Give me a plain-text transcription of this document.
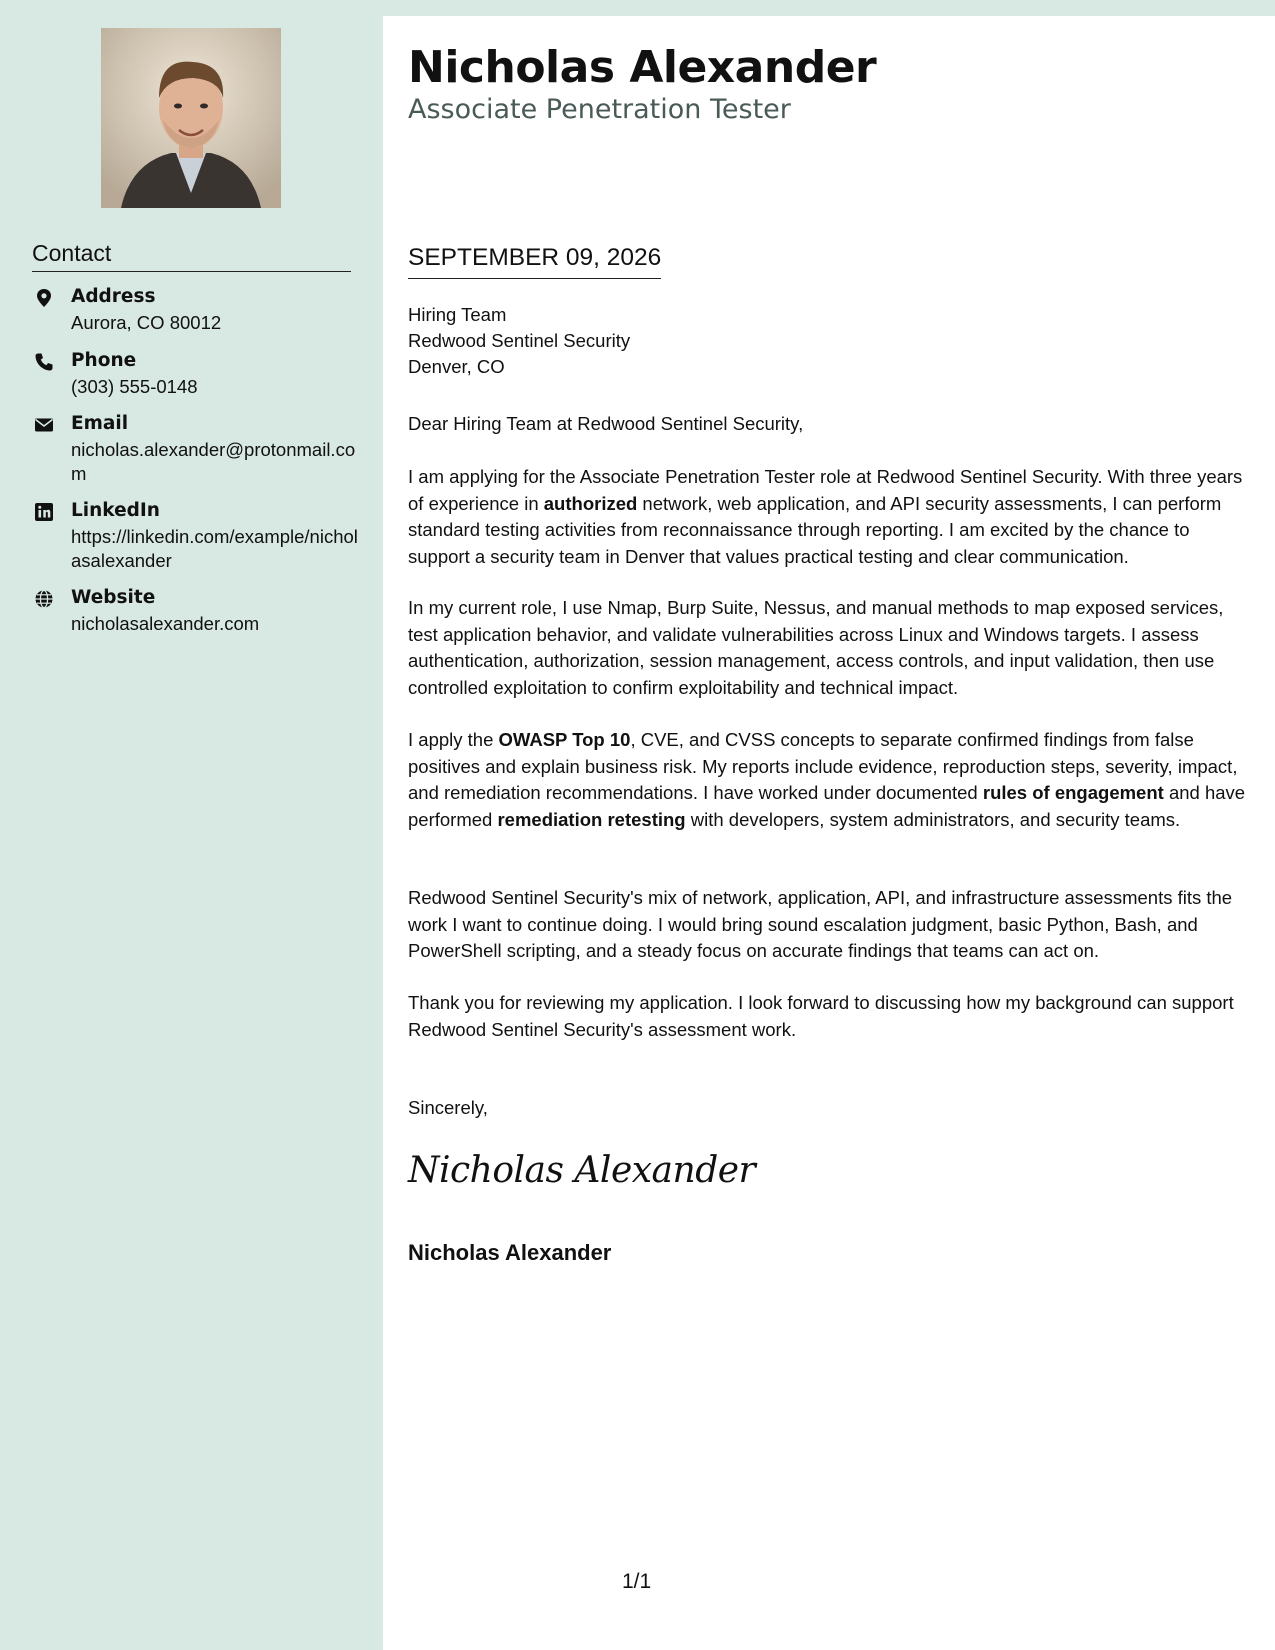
Contact
Address
Aurora, CO 80012
Phone
(303) 555-0148
Email
nicholas.alexander@protonmail.com
LinkedIn
https://linkedin.com/example/nicholasalexander
Website
nicholasalexander.com
Nicholas Alexander
Associate Penetration Tester
SEPTEMBER 09, 2026
Hiring Team
Redwood Sentinel Security
Denver, CO
Dear Hiring Team at Redwood Sentinel Security,
I am applying for the Associate Penetration Tester role at Redwood Sentinel Security. With three years of experience in authorized network, web application, and API security assessments, I can perform standard testing activities from reconnaissance through reporting. I am excited by the chance to support a security team in Denver that values practical testing and clear communication.
In my current role, I use Nmap, Burp Suite, Nessus, and manual methods to map exposed services, test application behavior, and validate vulnerabilities across Linux and Windows targets. I assess authentication, authorization, session management, access controls, and input validation, then use controlled exploitation to confirm exploitability and technical impact.
I apply the OWASP Top 10, CVE, and CVSS concepts to separate confirmed findings from false positives and explain business risk. My reports include evidence, reproduction steps, severity, impact, and remediation recommendations. I have worked under documented rules of engagement and have performed remediation retesting with developers, system administrators, and security teams.
Redwood Sentinel Security's mix of network, application, API, and infrastructure assessments fits the work I want to continue doing. I would bring sound escalation judgment, basic Python, Bash, and PowerShell scripting, and a steady focus on accurate findings that teams can act on.
Thank you for reviewing my application. I look forward to discussing how my background can support Redwood Sentinel Security's assessment work.
Sincerely,
Nicholas Alexander
Nicholas Alexander
1/1
